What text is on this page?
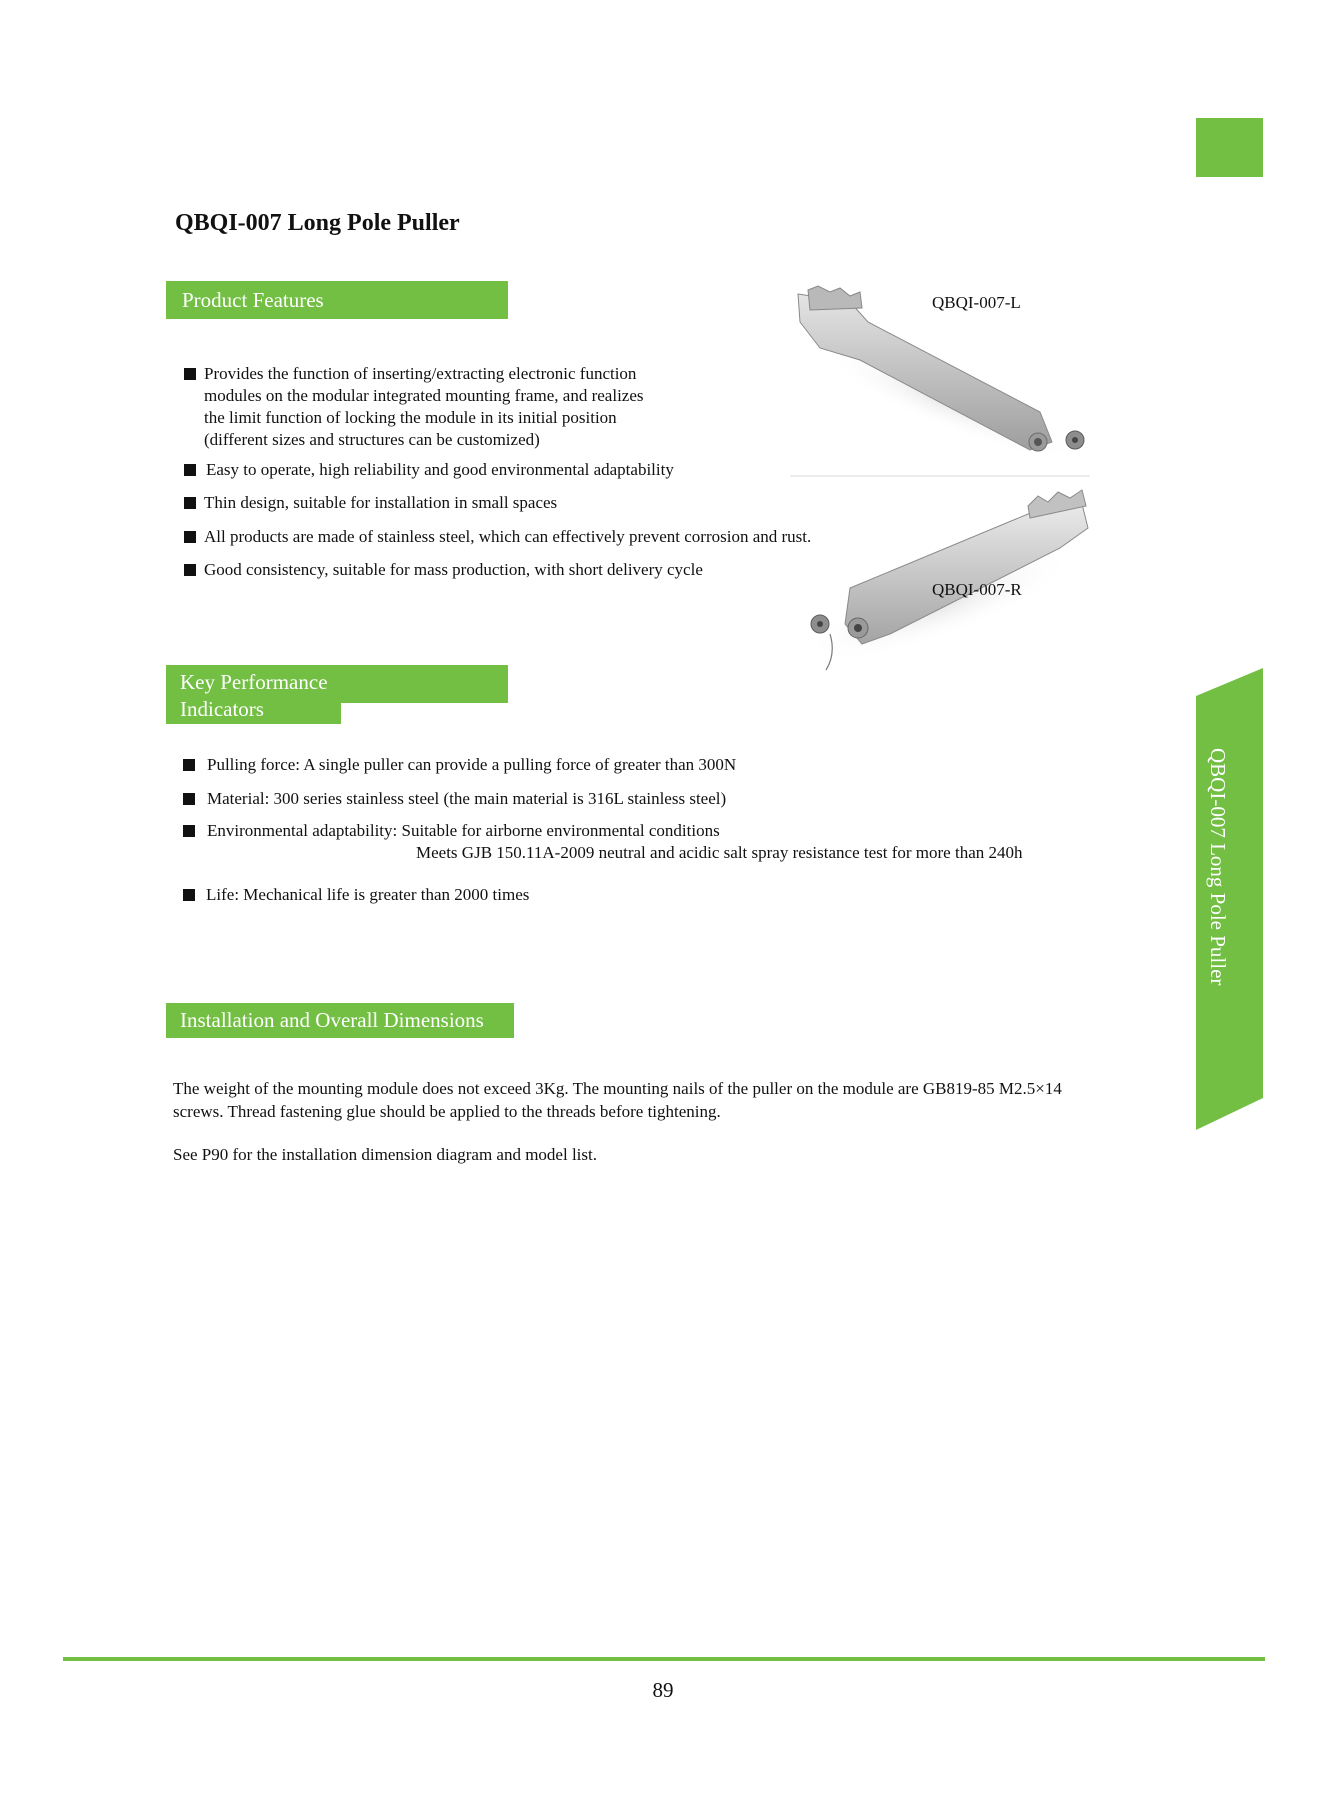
QBQI-007 Long Pole Puller
Product Features
Provides the function of inserting/extracting electronic function
modules on the modular integrated mounting frame, and realizes
the limit function of locking the module in its initial position
(different sizes and structures can be customized)
Easy to operate, high reliability and good environmental adaptability
Thin design, suitable for installation in small spaces
All products are made of stainless steel, which can effectively prevent corrosion and rust.
Good consistency, suitable for mass production, with short delivery cycle
QBQI-007-L
QBQI-007-R
Key Performance
Indicators
Pulling force: A single puller can provide a pulling force of greater than 300N
Material: 300 series stainless steel (the main material is 316L stainless steel)
Environmental adaptability: Suitable for airborne environmental conditions
Meets GJB 150.11A-2009 neutral and acidic salt spray resistance test for more than 240h
Life: Mechanical life is greater than 2000 times
Installation and Overall Dimensions
The weight of the mounting module does not exceed 3Kg. The mounting nails of the puller on the module are GB819-85 M2.5×14
screws. Thread fastening glue should be applied to the threads before tightening.
See P90 for the installation dimension diagram and model list.
QBQI-007 Long Pole Puller
89
